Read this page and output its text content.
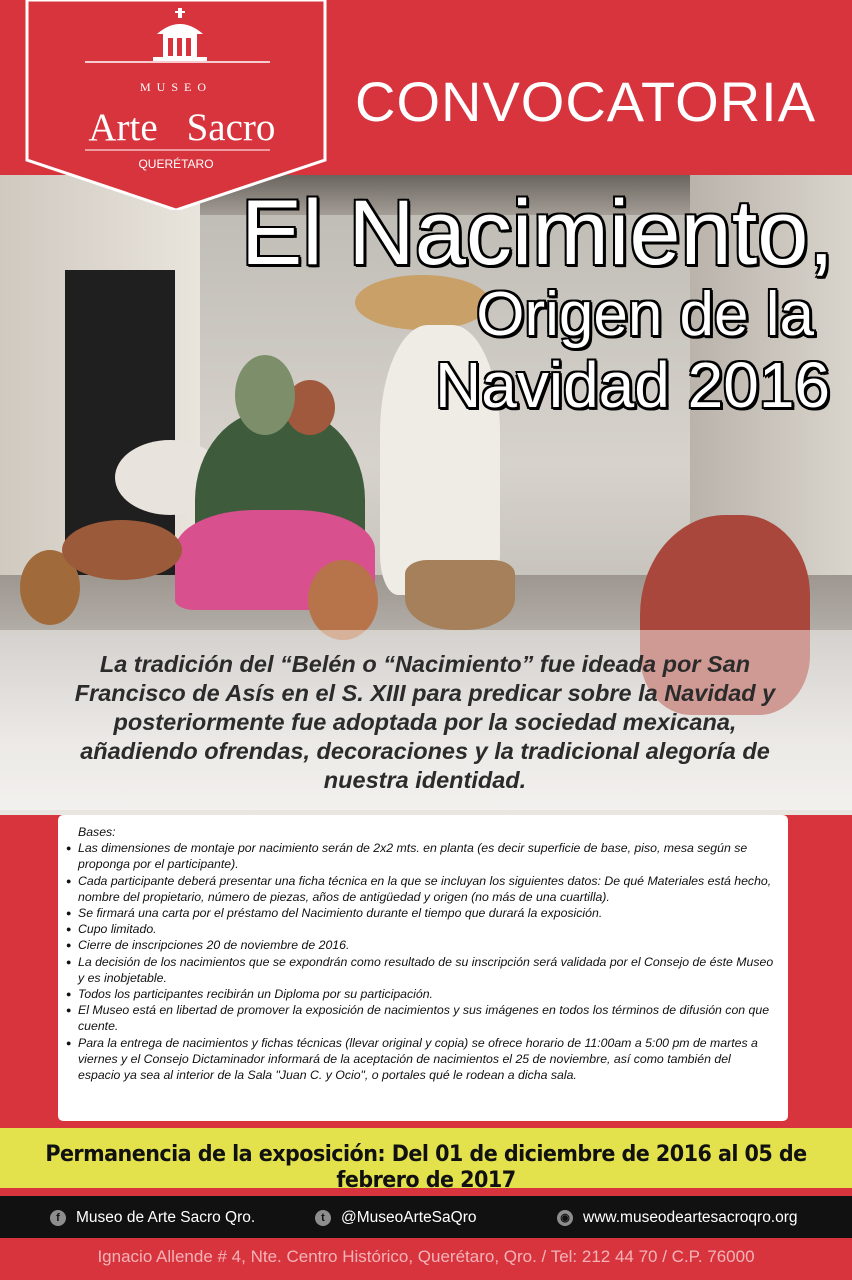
MUSEO
Arte Sacro
QUERÉTARO
CONVOCATORIA
El Nacimiento,
Origen de la
Navidad 2016
La tradición del “Belén o “Nacimiento” fue ideada por San
Francisco de Asís en el S. XIII para predicar sobre la Navidad y
posteriormente fue adoptada por la sociedad mexicana,
añadiendo ofrendas, decoraciones y la tradicional alegoría de
nuestra identidad.
Bases:
● Las dimensiones de montaje por nacimiento serán de 2x2 mts. en planta (es decir superficie de base, piso, mesa según se proponga por el participante).
● Cada participante deberá presentar una ficha técnica en la que se incluyan los siguientes datos: De qué Materiales está hecho, nombre del propietario, número de piezas, años de antigüedad y origen (no más de una cuartilla).
● Se firmará una carta por el préstamo del Nacimiento durante el tiempo que durará la exposición.
● Cupo limitado.
● Cierre de inscripciones 20 de noviembre de 2016.
● La decisión de los nacimientos que se expondrán como resultado de su inscripción será validada por el Consejo de éste Museo y es inobjetable.
● Todos los participantes recibirán un Diploma por su participación.
● El Museo está en libertad de promover la exposición de nacimientos y sus imágenes en todos los términos de difusión con que cuente.
● Para la entrega de nacimientos y fichas técnicas (llevar original y copia) se ofrece horario de 11:00am a 5:00 pm de martes a viernes y el Consejo Dictaminador informará de la aceptación de nacimientos el 25 de noviembre, así como también del espacio ya sea al interior de la Sala "Juan C. y Ocio", o portales qué le rodean a dicha sala.
Permanencia de la exposición: Del 01 de diciembre de 2016 al 05 de febrero de 2017
f	Museo de Arte Sacro Qro.	t	@MuseoArteSaQro	◉ www.museodeartesacroqro.org
Ignacio Allende # 4, Nte. Centro Histórico, Querétaro, Qro. / Tel: 212 44 70 / C.P. 76000
